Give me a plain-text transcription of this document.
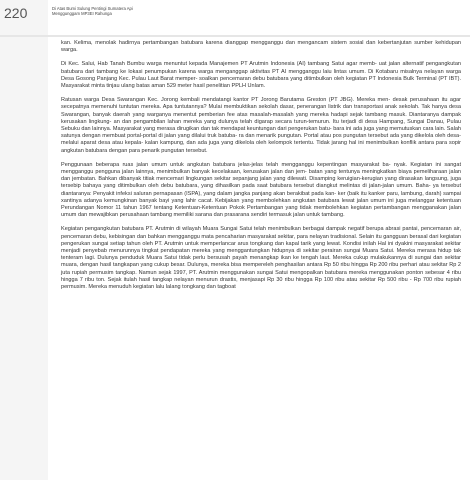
220	Di Atas Bumi Sulung Pentingi Sumatera Api
Menggunggam MP3EI Rahunga

kan. Kelima, menolak hadirnya pertambangan batubara karena dianggap mengganggu dan mengancam sistem sosial dan kebertanjutan sumber kehidupan warga.

Di Kec. Salui, Hab Tanah Bumbu warga menuntut kepada Manajemen PT Arutmin Indonesia (AI) tambang Satui agar memb- uat jalan alternatif pengangkutan batubara dari tambang ke lokasi penumpukan karena warga menganggap aktivitas PT AI mengganggu laiu lintas umum. Di Kotabaru misalnya nelayan warga Desa Gosong Panjang Kec. Pulau Laut Barat memper- soalkan pencemaran debu batubara yang ditimbulkan oleh kegiatan PT Indonesia Bulk Terminal (PT IBT). Masyarakat minta tinjau ulang batas aman 529 meter hasil penelitian PPLH Unlam.

Ratusan warga Desa Swarangan Kec. Jorong kembali mendatangi kantor PT Jorong Barutama Greston (PT JBG). Mereka men- desak perusahaan itu agar secepatnya memenuhi tuntutan mereka. Apa tuntutannya? Mulai membuktikan sekolah dasar, penerangan listrik dan transportasi anak sekolah. Tak hanya desa Swarangan, banyak daerah yang warganya menentut pemberian fee atas masalah-masalah yang mereka hadapi sejak tambang masuk. Diantaranya dampak kerusakan lingkung- an dan pengambilan lahan mereka yang dulunya telah digarap secara turun-temurun. Itu terjadi di desa Hampang, Sungai Danau, Pulau Sebuku dan lainnya. Masyarakat yang merasa dirugikan dan tak mendapat keuntungan dari pengerukan batu- bara ini ada juga yang memutuskan cara lain. Salah satunya dengan membuat portal-portal di jalan yang dilalui truk batuba- ra dan menarik pungutan. Portal atau pos pungutan tersebut ada yang dikelola oleh desa- melalui aparat desa atau kepala- kalan kampung, dan ada juga yang dikelola oleh kelompok tertentu. Tidak jarang hal ini menimbulkan konflik antara para sopir angkutan batubara dengan para penarik pungutan tersebut.

Penggunaan beberapa ruas jalan umum untuk angkutan batubara jelas-jelas telah mengganggu kepentingan masyarakat ba- nyak. Kegiatan ini sangat mengganggu pengguna jalan lainnya, menimbulkan banyak kecelakaan, kerusakan jalan dan jem- batan yang tentunya meningkatkan biaya pemeliharaan jalan dan jembatan. Bahkan dibanyak titiak mencemari lingkungan sekitar sepanjang jalan yang dilewati. Disamping keruigian-kerugian yang dirasakan langsung, juga tersebip bahaya yang ditimbulkan oleh debu batubara, yang dihasilkan pada saat batubara tersebut diangkut melintas di jalan-jalan umum. Baha- ya tersebut diantaranya: Penyakit infeksi saluran pernapasan (ISPA), yang dalam jangka panjang akan berakibat pada kan- ker (baik itu kanker paru, lambung, darah) sampai xantinya adanya kemungkinan banyak bayi yang lahir cacat. Kebijakan yang membolehkan angkutan batubara lewat jalan umum ini juga melanggar ketentuan Perundangan Nomor 11 tahun 1967 tentang Ketentuan-Ketentuan Pokok Pertambangan yang tidak membolehkan kegiatan pertambangan mengganakan jalan umum dan mewajibkan perusahaan tambang memiliki sarana dan prasarana sendiri termasuk jalan untuk tambang.

Kegiatan pengangkutan batubara PT. Arutmin di wilayah Muara Sungai Satui telah menimbulkan berbagai dampak negatif berupa abrasi pantai, pencemaran air, pencemaran debu, kebisingan dan bahkan mengganggu mata pencaharian masyarakat sekitar, para nelayan tradisional. Selain itu gangguan berasal dari kegiatan pengerukan sungai setiap tahun oleh PT. Arutmin untuk memperlancar arus tongkang dan kapal tarik yang lewat. Kondisi inilah Hal ini dyakini masyarakat sekitar menjadi penyebab menurunnya tingkat pendapatan mereka yang menggantungkan hidupnya di sekitar perairan sungai Muara Satui. Mereka merasa hidup tak tenteram lagi. Dulunya penduduk Muara Satui tidak perlu bersusah payah menangkap ikan ke tengah laut. Mereka cukup mulakukannya di sungai dan sekitar muara, dengan hasil tangkapan yang cukup besar. Dulunya, mereka bisa mempereleh penghasilan antara Rp 50 ribu hingga Rp 200 ribu perhari atau sekitar Rp 2 juta rupiah permusim tangkap. Namun sejak 1997, PT. Arutmin menggunakan sungai Satui mengopalkan batubara mereka menggunakan ponton sebesar 4 ribu hingga 7 ribu ton. Sejak itulah hasil tangkap nelayan menurun drastis, menjasapi Rp 30 ribu hingga Rp 100 ribu atau sekitar Rp 500 ribu - Rp 700 ribu rupiah permusim. Mereka menuduh kegiatan lalu lalang tongkang dan tagboat
